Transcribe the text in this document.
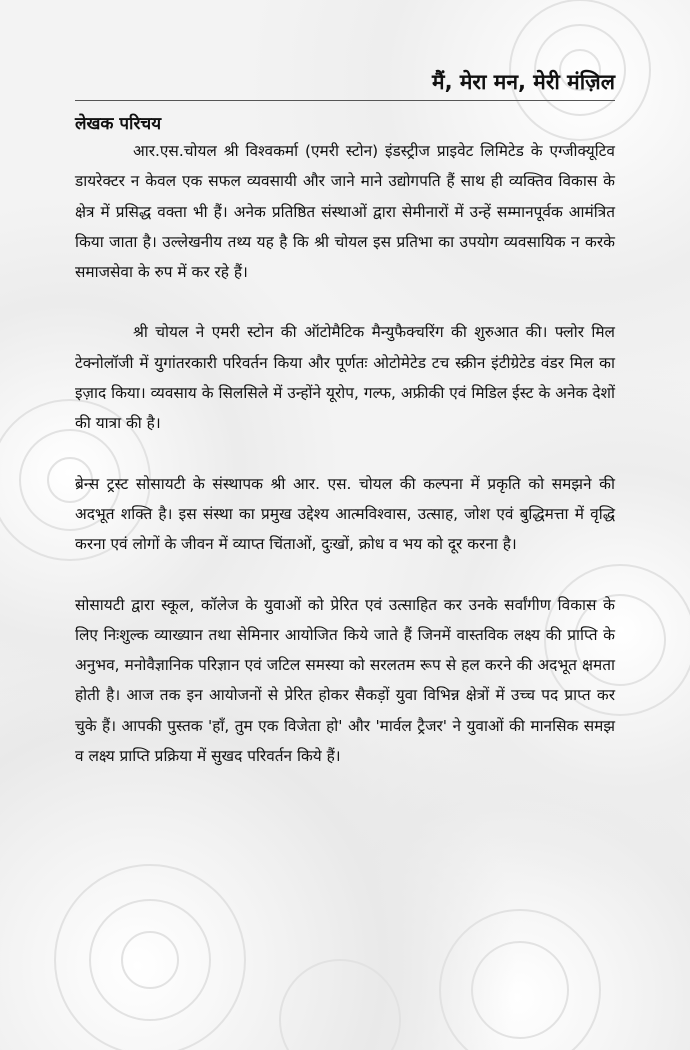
मैं, मेरा मन, मेरी मंज़िल
लेखक परिचय

आर.एस.चोयल श्री विश्वकर्मा (एमरी स्टोन) इंडस्ट्रीज प्राइवेट लिमिटेड के एग्जीक्यूटिव डायरेक्टर न केवल एक सफल व्यवसायी और जाने माने उद्योगपति हैं साथ ही व्यक्तिव विकास के क्षेत्र में प्रसिद्ध वक्ता भी हैं। अनेक प्रतिष्ठित संस्थाओं द्वारा सेमीनारों में उन्हें सम्मानपूर्वक आमंत्रित किया जाता है। उल्लेखनीय तथ्य यह है कि श्री चोयल इस प्रतिभा का उपयोग व्यवसायिक न करके समाजसेवा के रुप में कर रहे हैं।

श्री चोयल ने एमरी स्टोन की ऑटोमैटिक मैन्युफैक्चरिंग की शुरुआत की। फ्लोर मिल टेक्नोलॉजी में युगांतरकारी परिवर्तन किया और पूर्णतः ओटोमेटेड टच स्क्रीन इंटीग्रेटेड वंडर मिल का इज़ाद किया। व्यवसाय के सिलसिले में उन्होंने यूरोप, गल्फ, अफ्रीकी एवं मिडिल ईस्ट के अनेक देशों की यात्रा की है।

ब्रेन्स ट्रस्ट सोसायटी के संस्थापक श्री आर. एस. चोयल की कल्पना में प्रकृति को समझने की अदभूत शक्ति है। इस संस्था का प्रमुख उद्देश्य आत्मविश्वास, उत्साह, जोश एवं बुद्धिमत्ता में वृद्धि करना एवं लोगों के जीवन में व्याप्त चिंताओं, दुःखों, क्रोध व भय को दूर करना है।

सोसायटी द्वारा स्कूल, कॉलेज के युवाओं को प्रेरित एवं उत्साहित कर उनके सर्वांगीण विकास के लिए निःशुल्क व्याख्यान तथा सेमिनार आयोजित किये जाते हैं जिनमें वास्तविक लक्ष्य की प्राप्ति के अनुभव, मनोवैज्ञानिक परिज्ञान एवं जटिल समस्या को सरलतम रूप से हल करने की अदभूत क्षमता होती है। आज तक इन आयोजनों से प्रेरित होकर सैकड़ों युवा विभिन्न क्षेत्रों में उच्च पद प्राप्त कर चुके हैं। आपकी पुस्तक 'हाँ, तुम एक विजेता हो' और 'मार्वल ट्रैजर' ने युवाओं की मानसिक समझ व लक्ष्य प्राप्ति प्रक्रिया में सुखद परिवर्तन किये हैं।
